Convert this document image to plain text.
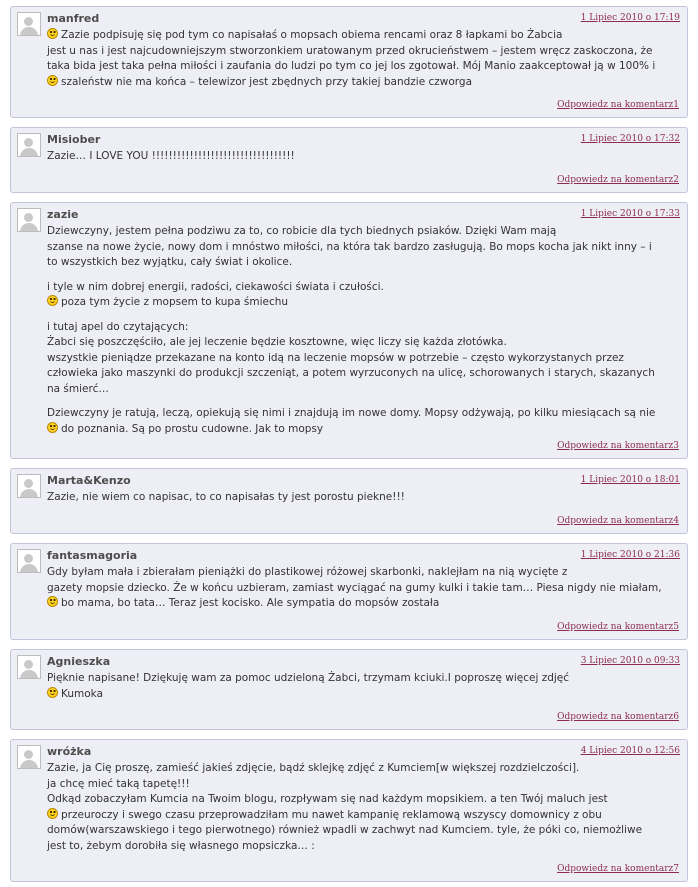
manfred	1 Lipiec 2010 o 17:19
Zazie podpisuję się pod tym co napisałaś o mopsach obiema rencami oraz 8 łapkami bo Żabcia
jest u nas i jest najcudowniejszym stworzonkiem uratowanym przed okrucieństwem – jestem wręcz zaskoczona, że
taka bida jest taka pełna miłości i zaufania do ludzi po tym co jej los zgotował. Mój Manio zaakceptował ją w 100% i
szaleństw nie ma końca – telewizor jest zbędnych przy takiej bandzie czworga
Odpowiedz na komentarz1
Misiober	1 Lipiec 2010 o 17:32
Zazie… I LOVE YOU !!!!!!!!!!!!!!!!!!!!!!!!!!!!!!!!!!
Odpowiedz na komentarz2
zazie	1 Lipiec 2010 o 17:33
Dziewczyny, jestem pełna podziwu za to, co robicie dla tych biednych psiaków. Dzięki Wam mają
szanse na nowe życie, nowy dom i mnóstwo miłości, na która tak bardzo zasługują. Bo mops kocha jak nikt inny – i
to wszystkich bez wyjątku, cały świat i okolice.
i tyle w nim dobrej energii, radości, ciekawości świata i czułości.
poza tym życie z mopsem to kupa śmiechu
i tutaj apel do czytających:
Żabci się poszczęściło, ale jej leczenie będzie kosztowne, więc liczy się każda złotówka.
wszystkie pieniądze przekazane na konto idą na leczenie mopsów w potrzebie – często wykorzystanych przez
człowieka jako maszynki do produkcji szczeniąt, a potem wyrzuconych na ulicę, schorowanych i starych, skazanych
na śmierć…
Dziewczyny je ratują, leczą, opiekują się nimi i znajdują im nowe domy. Mopsy odżywają, po kilku miesiącach są nie
do poznania. Są po prostu cudowne. Jak to mopsy
Odpowiedz na komentarz3
Marta&Kenzo	1 Lipiec 2010 o 18:01
Zazie, nie wiem co napisac, to co napisałas ty jest porostu piekne!!!
Odpowiedz na komentarz4
fantasmagoria	1 Lipiec 2010 o 21:36
Gdy byłam mała i zbierałam pieniążki do plastikowej różowej skarbonki, naklejłam na nią wycięte z
gazety mopsie dziecko. Że w końcu uzbieram, zamiast wyciągać na gumy kulki i takie tam… Piesa nigdy nie miałam,
bo mama, bo tata… Teraz jest kocisko. Ale sympatia do mopsów została
Odpowiedz na komentarz5
Agnieszka	3 Lipiec 2010 o 09:33
Pięknie napisane! Dziękuję wam za pomoc udzieloną Żabci, trzymam kciuki.I poproszę więcej zdjęć
Kumoka
Odpowiedz na komentarz6
wróżka	4 Lipiec 2010 o 12:56
Zazie, ja Cię proszę, zamieść jakieś zdjęcie, bądź sklejkę zdjęć z Kumciem[w większej rozdzielczości].
ja chcę mieć taką tapetę!!!
Odkąd zobaczyłam Kumcia na Twoim blogu, rozpływam się nad każdym mopsikiem. a ten Twój maluch jest
przeuroczy i swego czasu przeprowadziłam mu nawet kampanię reklamową wszyscy domownicy z obu
domów(warszawskiego i tego pierwotnego) również wpadli w zachwyt nad Kumciem. tyle, że póki co, niemożliwe
jest to, żebym dorobiła się własnego mopsiczka… :
Odpowiedz na komentarz7
